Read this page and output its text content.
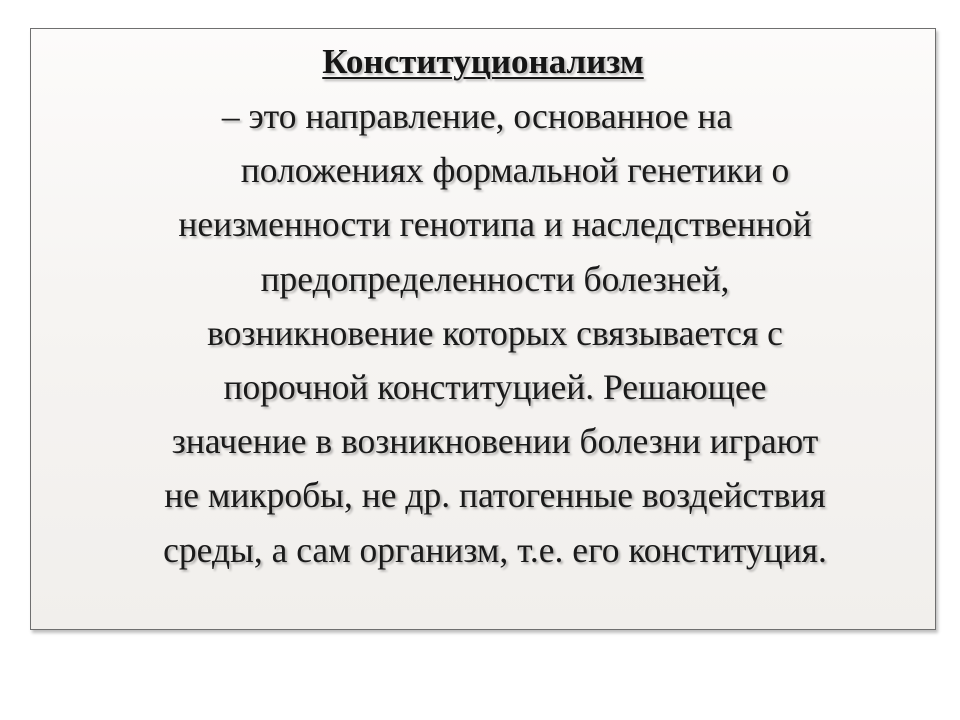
Конституционализм
– это направление, основанное на
положениях формальной генетики о
неизменности генотипа и наследственной
предопределенности болезней,
возникновение которых связывается с
порочной конституцией. Решающее
значение в возникновении болезни играют
не микробы, не др. патогенные воздействия
среды, а сам организм, т.е. его конституция.
